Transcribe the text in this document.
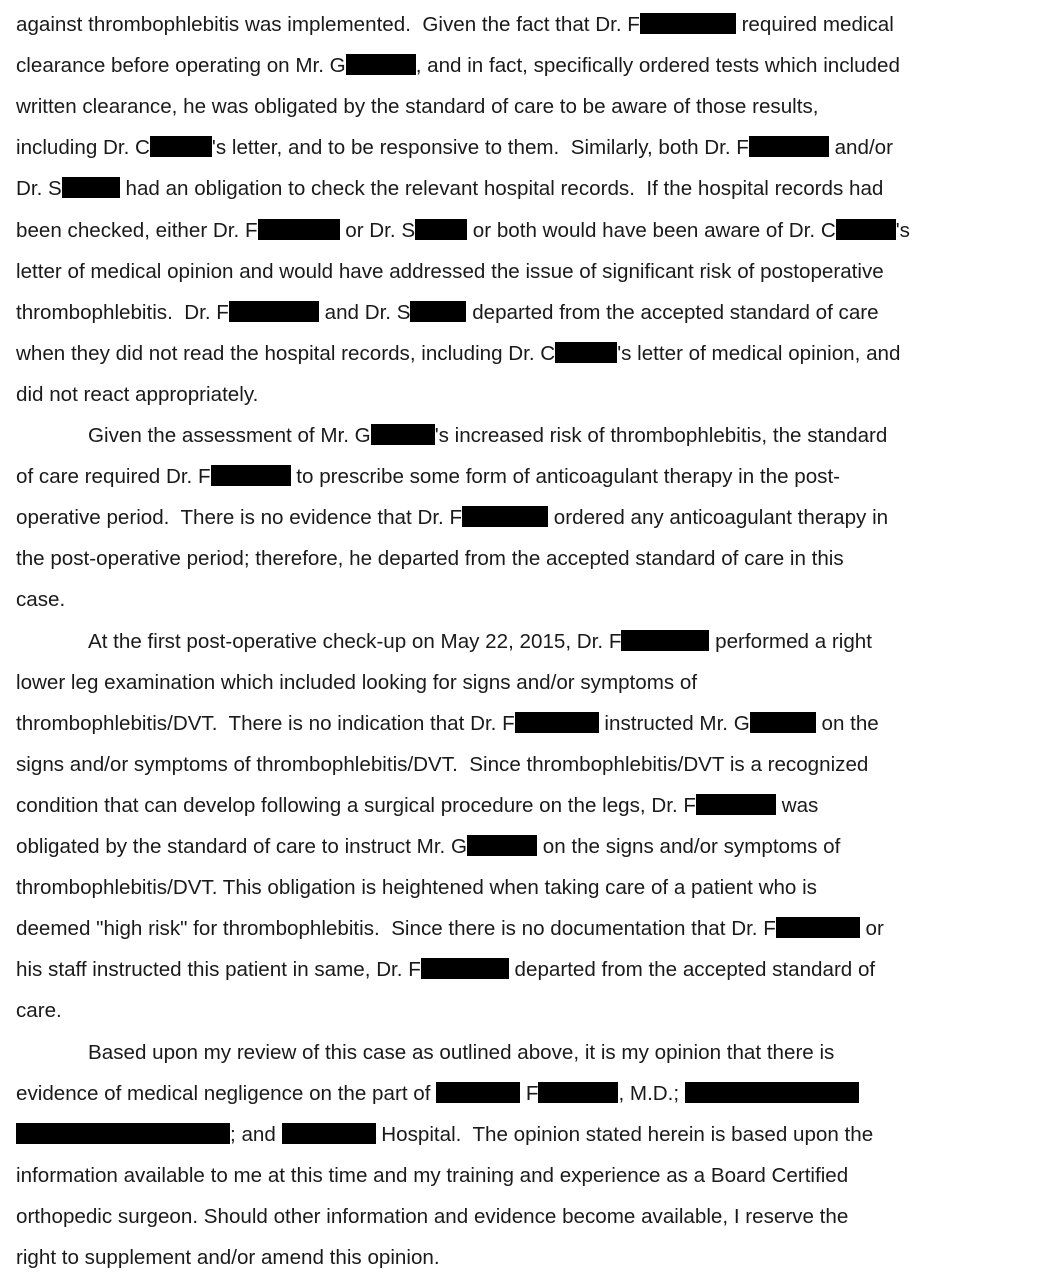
against thrombophlebitis was implemented.  Given the fact that Dr. F	required medical
clearance before operating on Mr. G	, and in fact, specifically ordered tests which included
written clearance, he was obligated by the standard of care to be aware of those results,
including Dr. C	's letter, and to be responsive to them.  Similarly, both Dr. F	and/or
Dr. S	had an obligation to check the relevant hospital records.  If the hospital records had
been checked, either Dr. F	or Dr. S	or both would have been aware of Dr. C	's
letter of medical opinion and would have addressed the issue of significant risk of postoperative
thrombophlebitis.  Dr. F	and Dr. S	departed from the accepted standard of care
when they did not read the hospital records, including Dr. C	's letter of medical opinion, and
did not react appropriately.
Given the assessment of Mr. G	's increased risk of thrombophlebitis, the standard
of care required Dr. F	to prescribe some form of anticoagulant therapy in the post-
operative period.  There is no evidence that Dr. F	ordered any anticoagulant therapy in
the post-operative period; therefore, he departed from the accepted standard of care in this
case.
At the first post-operative check-up on May 22, 2015, Dr. F	performed a right
lower leg examination which included looking for signs and/or symptoms of
thrombophlebitis/DVT.  There is no indication that Dr. F	instructed Mr. G	on the
signs and/or symptoms of thrombophlebitis/DVT.  Since thrombophlebitis/DVT is a recognized
condition that can develop following a surgical procedure on the legs, Dr. F	was
obligated by the standard of care to instruct Mr. G	on the signs and/or symptoms of
thrombophlebitis/DVT. This obligation is heightened when taking care of a patient who is
deemed "high risk" for thrombophlebitis.  Since there is no documentation that Dr. F	or
his staff instructed this patient in same, Dr. F	departed from the accepted standard of
care.
Based upon my review of this case as outlined above, it is my opinion that there is
evidence of medical negligence on the part of	F	, M.D.;
; and	Hospital.  The opinion stated herein is based upon the
information available to me at this time and my training and experience as a Board Certified
orthopedic surgeon. Should other information and evidence become available, I reserve the
right to supplement and/or amend this opinion.
